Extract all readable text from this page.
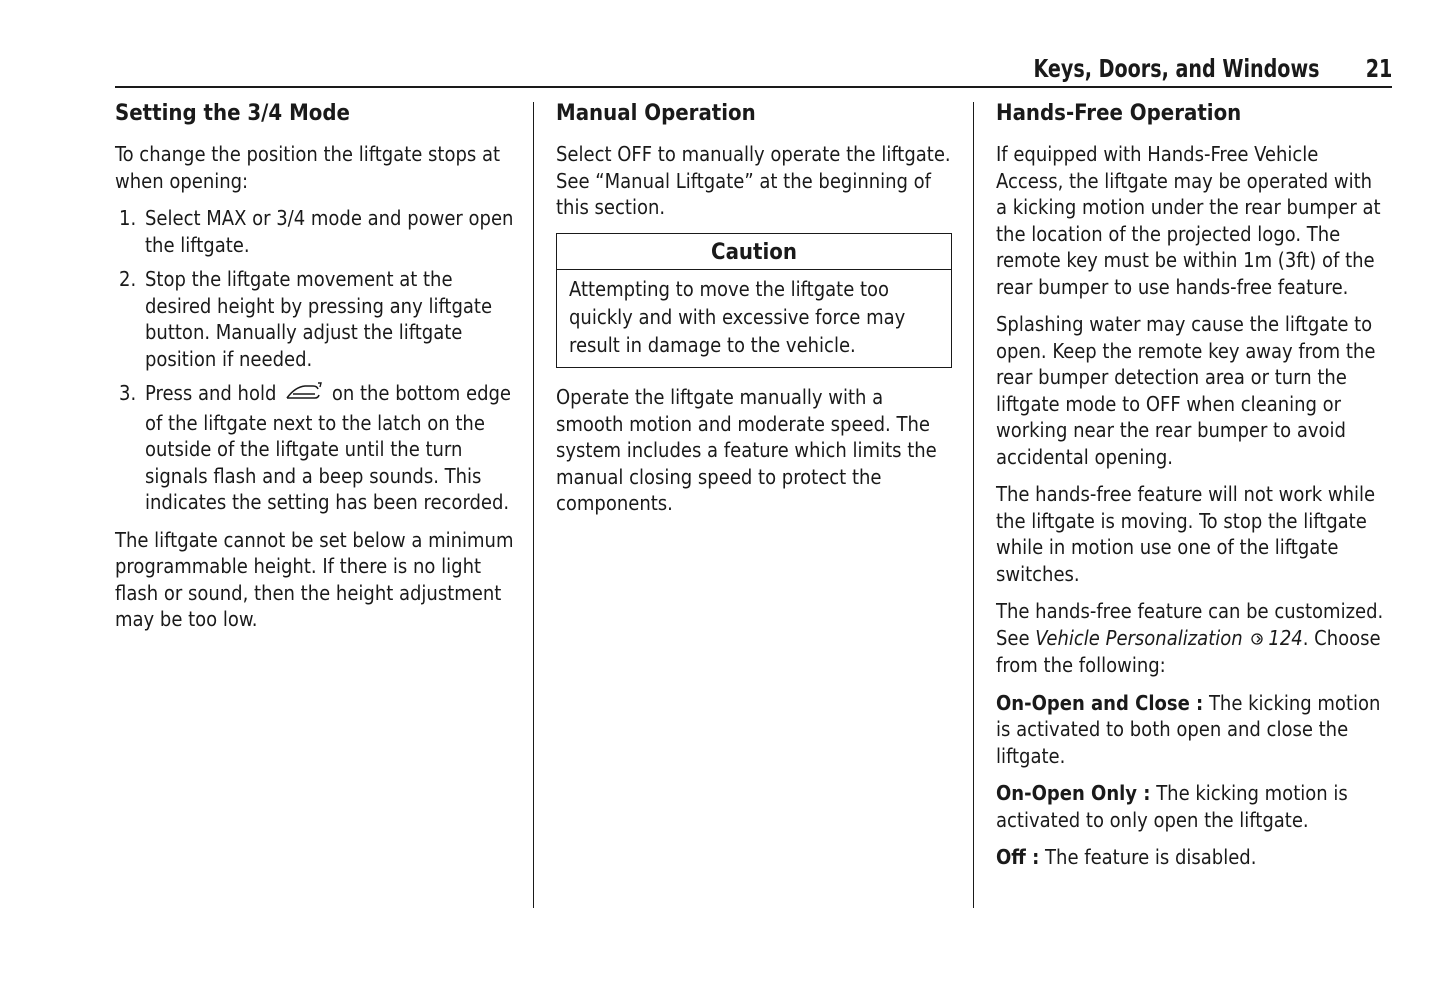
Keys, Doors, and Windows 21
Setting the 3/4 Mode

To change the position the liftgate stops at when opening:

1. Select MAX or 3/4 mode and power open the liftgate.
2. Stop the liftgate movement at the desired height by pressing any liftgate button. Manually adjust the liftgate position if needed.
3. Press and hold	on the bottom edge of the liftgate next to the latch on the outside of the liftgate until the turn signals flash and a beep sounds. This indicates the setting has been recorded.

The liftgate cannot be set below a minimum programmable height. If there is no light flash or sound, then the height adjustment may be too low.

Manual Operation

Select OFF to manually operate the liftgate. See “Manual Liftgate” at the beginning of this section.

Caution
Attempting to move the liftgate too quickly and with excessive force may result in damage to the vehicle.

Operate the liftgate manually with a smooth motion and moderate speed. The system includes a feature which limits the manual closing speed to protect the components.

Hands-Free Operation

If equipped with Hands-Free Vehicle Access, the liftgate may be operated with a kicking motion under the rear bumper at the location of the projected logo. The remote key must be within 1m (3ft) of the rear bumper to use hands-free feature.

Splashing water may cause the liftgate to open. Keep the remote key away from the rear bumper detection area or turn the liftgate mode to OFF when cleaning or working near the rear bumper to avoid accidental opening.

The hands-free feature will not work while the liftgate is moving. To stop the liftgate while in motion use one of the liftgate switches.

The hands-free feature can be customized. See Vehicle Personalization 124. Choose from the following:

On-Open and Close : The kicking motion is activated to both open and close the liftgate.

On-Open Only : The kicking motion is activated to only open the liftgate.

Off : The feature is disabled.
